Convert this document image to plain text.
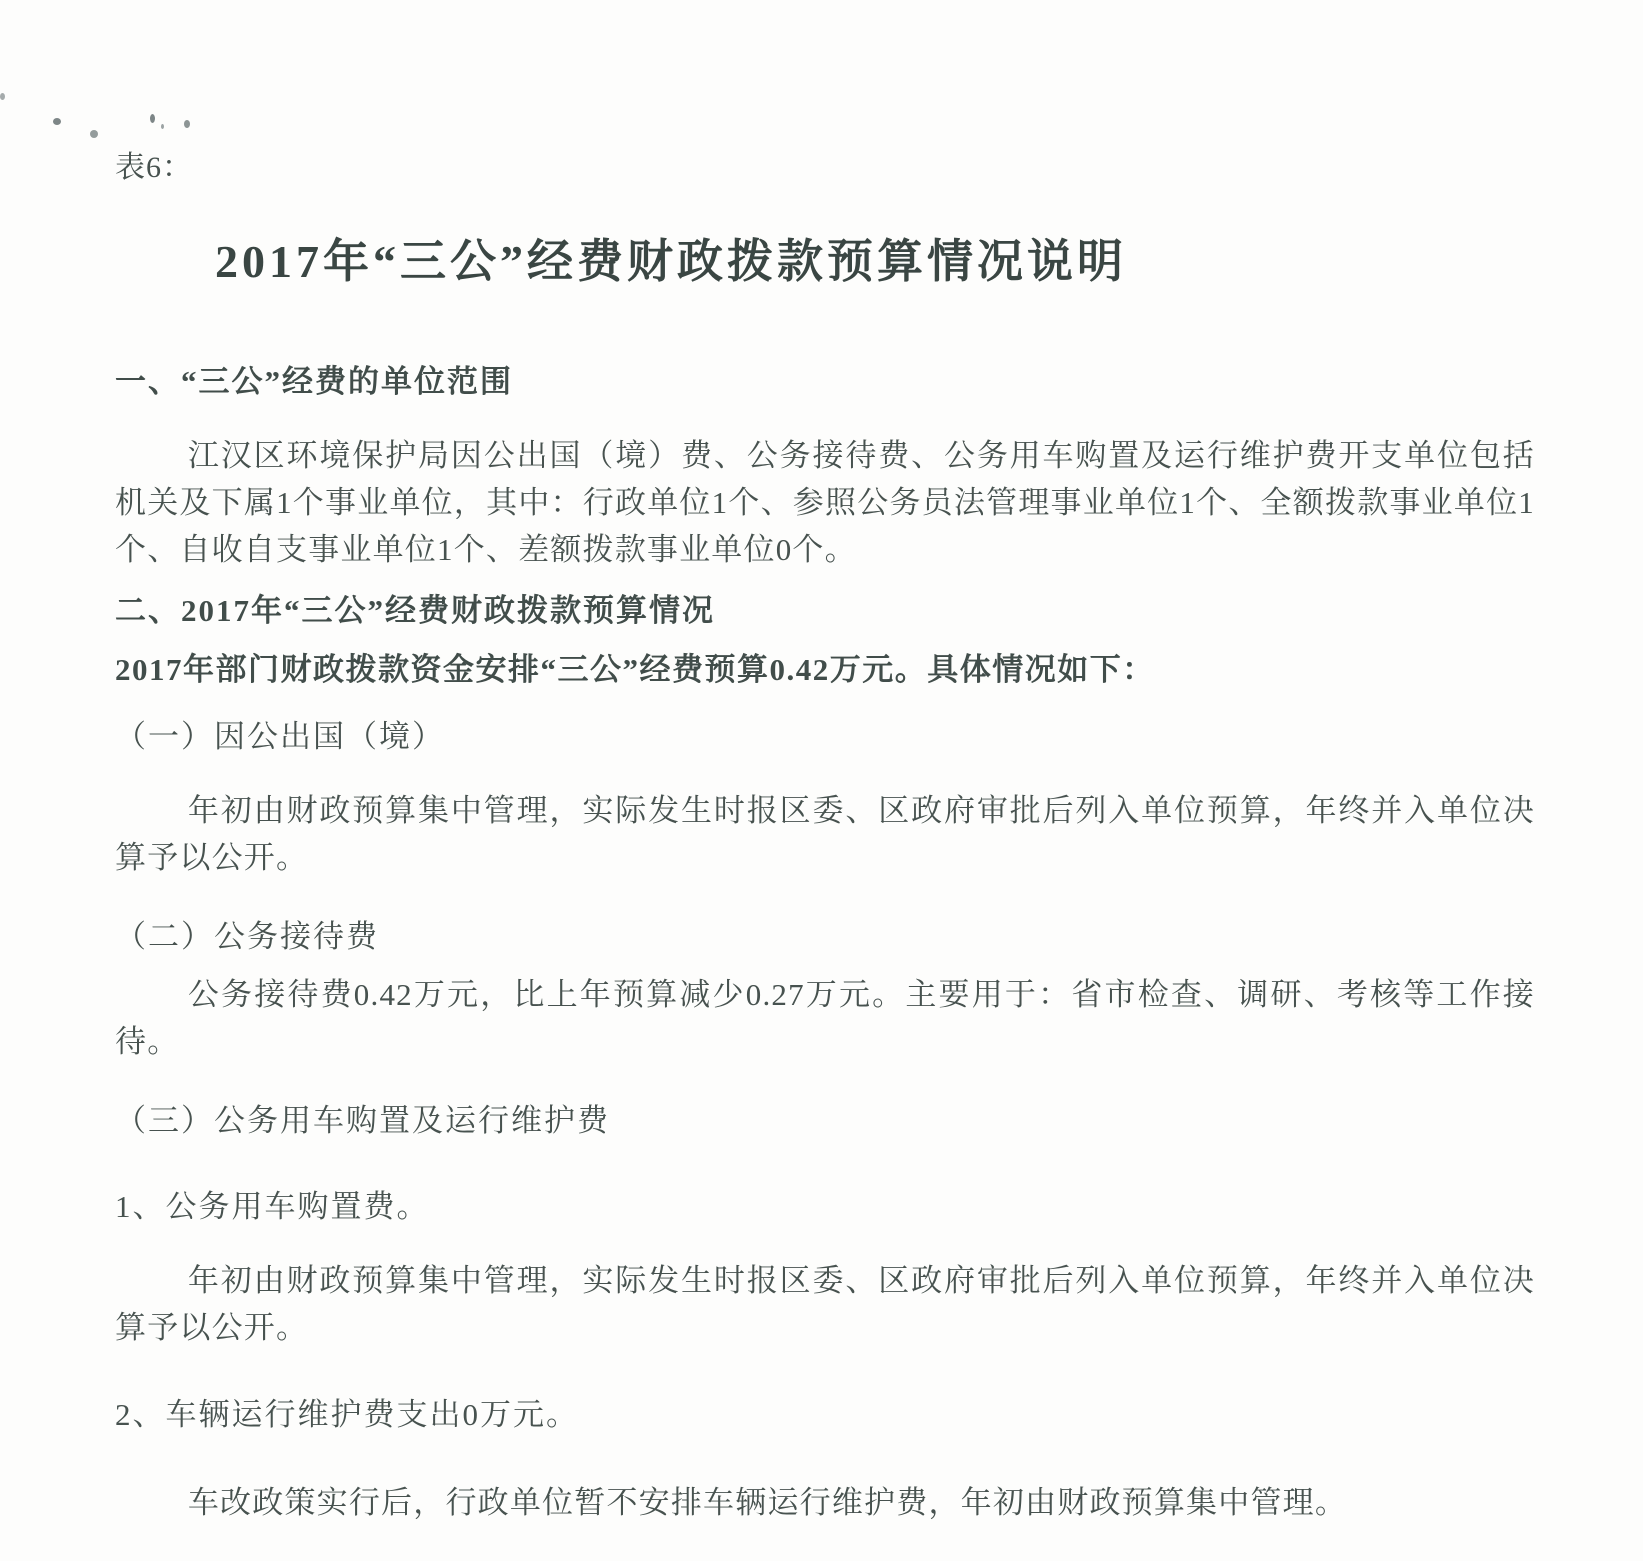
表6：
2017年“三公”经费财政拨款预算情况说明
一、“三公”经费的单位范围
江汉区环境保护局因公出国（境）费、公务接待费、公务用车购置及运行维护费开支单位包括机关及下属1个事业单位，其中：行政单位1个、参照公务员法管理事业单位1个、全额拨款事业单位1个、自收自支事业单位1个、差额拨款事业单位0个。
二、2017年“三公”经费财政拨款预算情况
2017年部门财政拨款资金安排“三公”经费预算0.42万元。具体情况如下：
（一）因公出国（境）
年初由财政预算集中管理，实际发生时报区委、区政府审批后列入单位预算，年终并入单位决算予以公开。
（二）公务接待费
公务接待费0.42万元，比上年预算减少0.27万元。主要用于：省市检查、调研、考核等工作接待。
（三）公务用车购置及运行维护费
1、公务用车购置费。
年初由财政预算集中管理，实际发生时报区委、区政府审批后列入单位预算，年终并入单位决算予以公开。
2、车辆运行维护费支出0万元。
车改政策实行后，行政单位暂不安排车辆运行维护费，年初由财政预算集中管理。
